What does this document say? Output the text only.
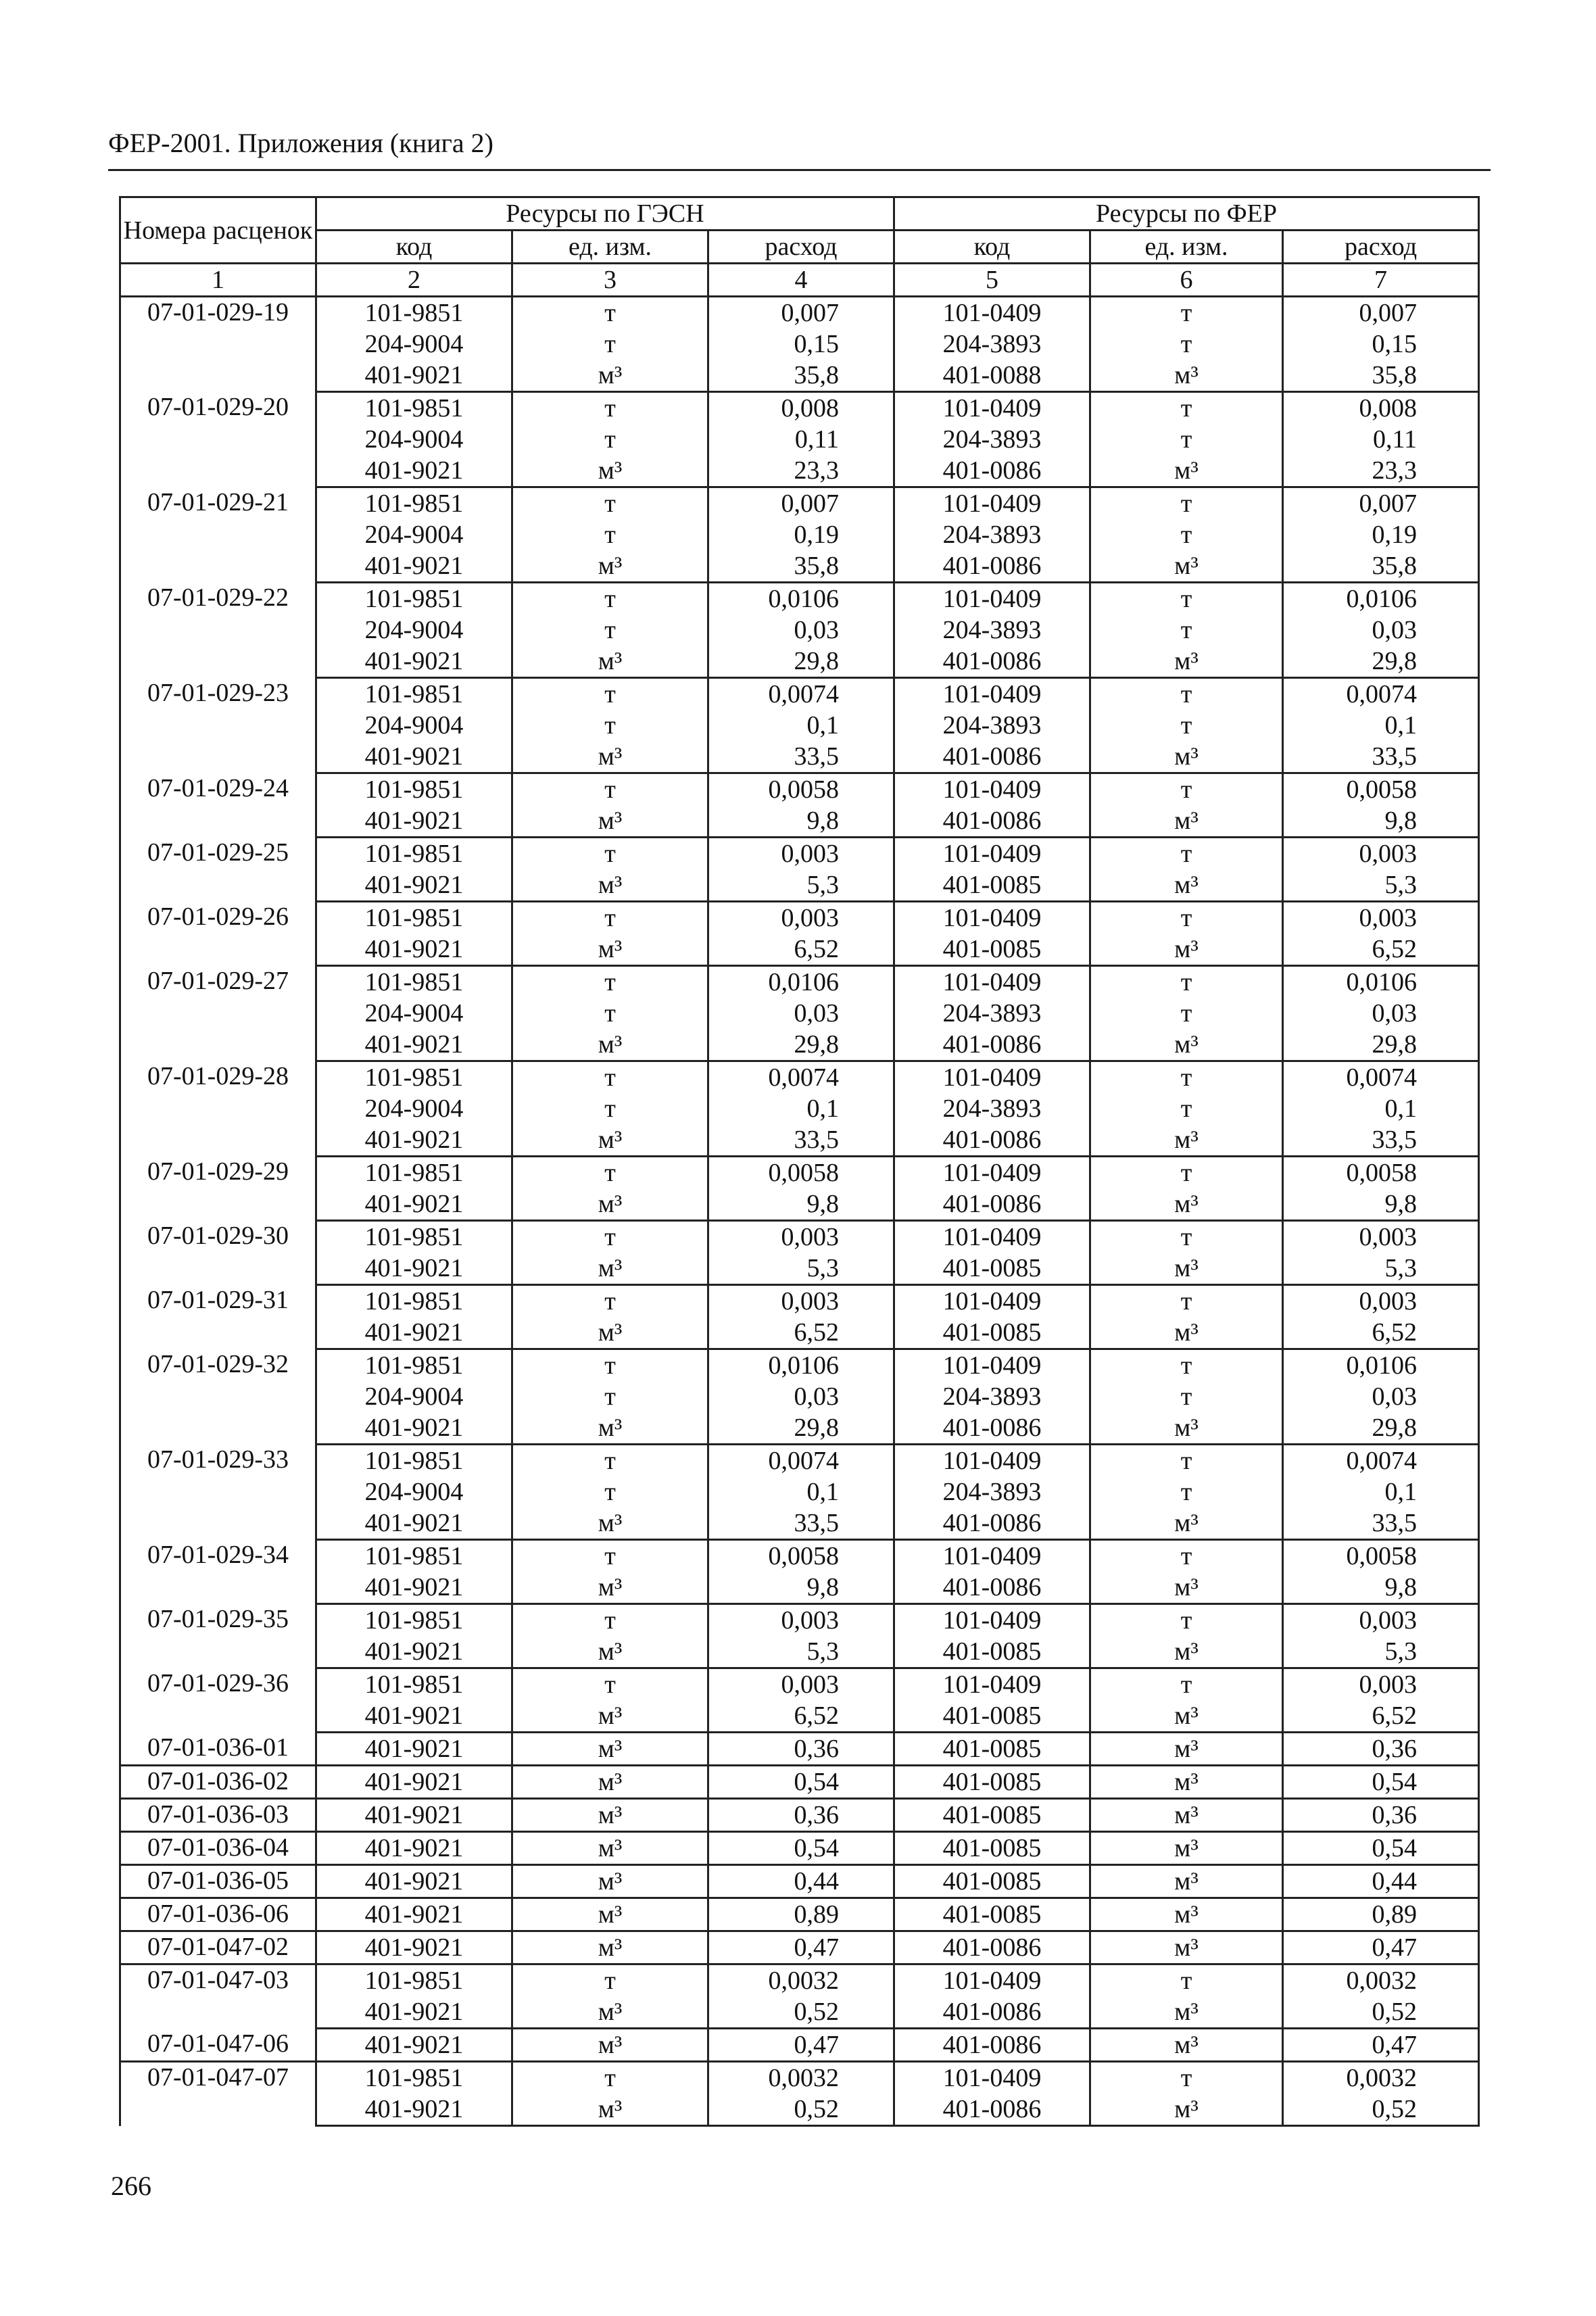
ФЕР-2001. Приложения (книга 2)
Номера расценок	Ресурсы по ГЭСН			Ресурсы по ФЕР		
	код	ед. изм.	расход	код	ед. изм.	расход
1	2	3	4	5	6	7
07-01-029-19	101-9851	т	0,007	101-0409	т	0,007
	204-9004	т	0,15	204-3893	т	0,15
	401-9021	м³	35,8	401-0088	м³	35,8
07-01-029-20	101-9851	т	0,008	101-0409	т	0,008
	204-9004	т	0,11	204-3893	т	0,11
	401-9021	м³	23,3	401-0086	м³	23,3
07-01-029-21	101-9851	т	0,007	101-0409	т	0,007
	204-9004	т	0,19	204-3893	т	0,19
	401-9021	м³	35,8	401-0086	м³	35,8
07-01-029-22	101-9851	т	0,0106	101-0409	т	0,0106
	204-9004	т	0,03	204-3893	т	0,03
	401-9021	м³	29,8	401-0086	м³	29,8
07-01-029-23	101-9851	т	0,0074	101-0409	т	0,0074
	204-9004	т	0,1	204-3893	т	0,1
	401-9021	м³	33,5	401-0086	м³	33,5
07-01-029-24	101-9851	т	0,0058	101-0409	т	0,0058
	401-9021	м³	9,8	401-0086	м³	9,8
07-01-029-25	101-9851	т	0,003	101-0409	т	0,003
	401-9021	м³	5,3	401-0085	м³	5,3
07-01-029-26	101-9851	т	0,003	101-0409	т	0,003
	401-9021	м³	6,52	401-0085	м³	6,52
07-01-029-27	101-9851	т	0,0106	101-0409	т	0,0106
	204-9004	т	0,03	204-3893	т	0,03
	401-9021	м³	29,8	401-0086	м³	29,8
07-01-029-28	101-9851	т	0,0074	101-0409	т	0,0074
	204-9004	т	0,1	204-3893	т	0,1
	401-9021	м³	33,5	401-0086	м³	33,5
07-01-029-29	101-9851	т	0,0058	101-0409	т	0,0058
	401-9021	м³	9,8	401-0086	м³	9,8
07-01-029-30	101-9851	т	0,003	101-0409	т	0,003
	401-9021	м³	5,3	401-0085	м³	5,3
07-01-029-31	101-9851	т	0,003	101-0409	т	0,003
	401-9021	м³	6,52	401-0085	м³	6,52
07-01-029-32	101-9851	т	0,0106	101-0409	т	0,0106
	204-9004	т	0,03	204-3893	т	0,03
	401-9021	м³	29,8	401-0086	м³	29,8
07-01-029-33	101-9851	т	0,0074	101-0409	т	0,0074
	204-9004	т	0,1	204-3893	т	0,1
	401-9021	м³	33,5	401-0086	м³	33,5
07-01-029-34	101-9851	т	0,0058	101-0409	т	0,0058
	401-9021	м³	9,8	401-0086	м³	9,8
07-01-029-35	101-9851	т	0,003	101-0409	т	0,003
	401-9021	м³	5,3	401-0085	м³	5,3
07-01-029-36	101-9851	т	0,003	101-0409	т	0,003
	401-9021	м³	6,52	401-0085	м³	6,52
07-01-036-01	401-9021	м³	0,36	401-0085	м³	0,36
07-01-036-02	401-9021	м³	0,54	401-0085	м³	0,54
07-01-036-03	401-9021	м³	0,36	401-0085	м³	0,36
07-01-036-04	401-9021	м³	0,54	401-0085	м³	0,54
07-01-036-05	401-9021	м³	0,44	401-0085	м³	0,44
07-01-036-06	401-9021	м³	0,89	401-0085	м³	0,89
07-01-047-02	401-9021	м³	0,47	401-0086	м³	0,47
07-01-047-03	101-9851	т	0,0032	101-0409	т	0,0032
	401-9021	м³	0,52	401-0086	м³	0,52
07-01-047-06	401-9021	м³	0,47	401-0086	м³	0,47
07-01-047-07	101-9851	т	0,0032	101-0409	т	0,0032
	401-9021	м³	0,52	401-0086	м³	0,52
266
